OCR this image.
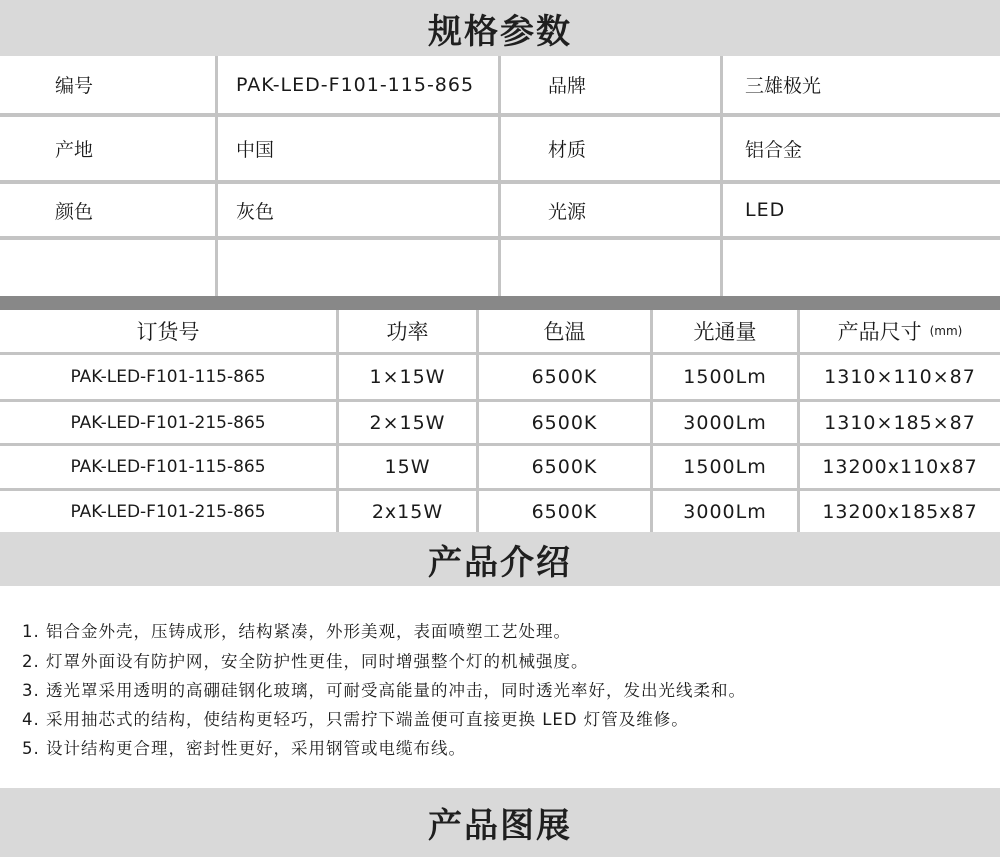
规格参数
编号	PAK-LED-F101-115-865	品牌	三雄极光
产地	中国	材质	铝合金
颜色	灰色	光源	LED
订货号	功率	色温	光通量	产品尺寸 (mm)
PAK-LED-F101-115-865	1×15W	6500K	1500Lm	1310×110×87
PAK-LED-F101-215-865	2×15W	6500K	3000Lm	1310×185×87
PAK-LED-F101-115-865	15W	6500K	1500Lm	13200x110x87
PAK-LED-F101-215-865	2x15W	6500K	3000Lm	13200x185x87
产品介绍
1. 铝合金外壳，压铸成形，结构紧凑，外形美观，表面喷塑工艺处理。
2. 灯罩外面设有防护网，安全防护性更佳，同时增强整个灯的机械强度。
3. 透光罩采用透明的高硼硅钢化玻璃，可耐受高能量的冲击，同时透光率好，发出光线柔和。
4. 采用抽芯式的结构，使结构更轻巧，只需拧下端盖便可直接更换 LED 灯管及维修。
5. 设计结构更合理，密封性更好，采用钢管或电缆布线。
产品图展
